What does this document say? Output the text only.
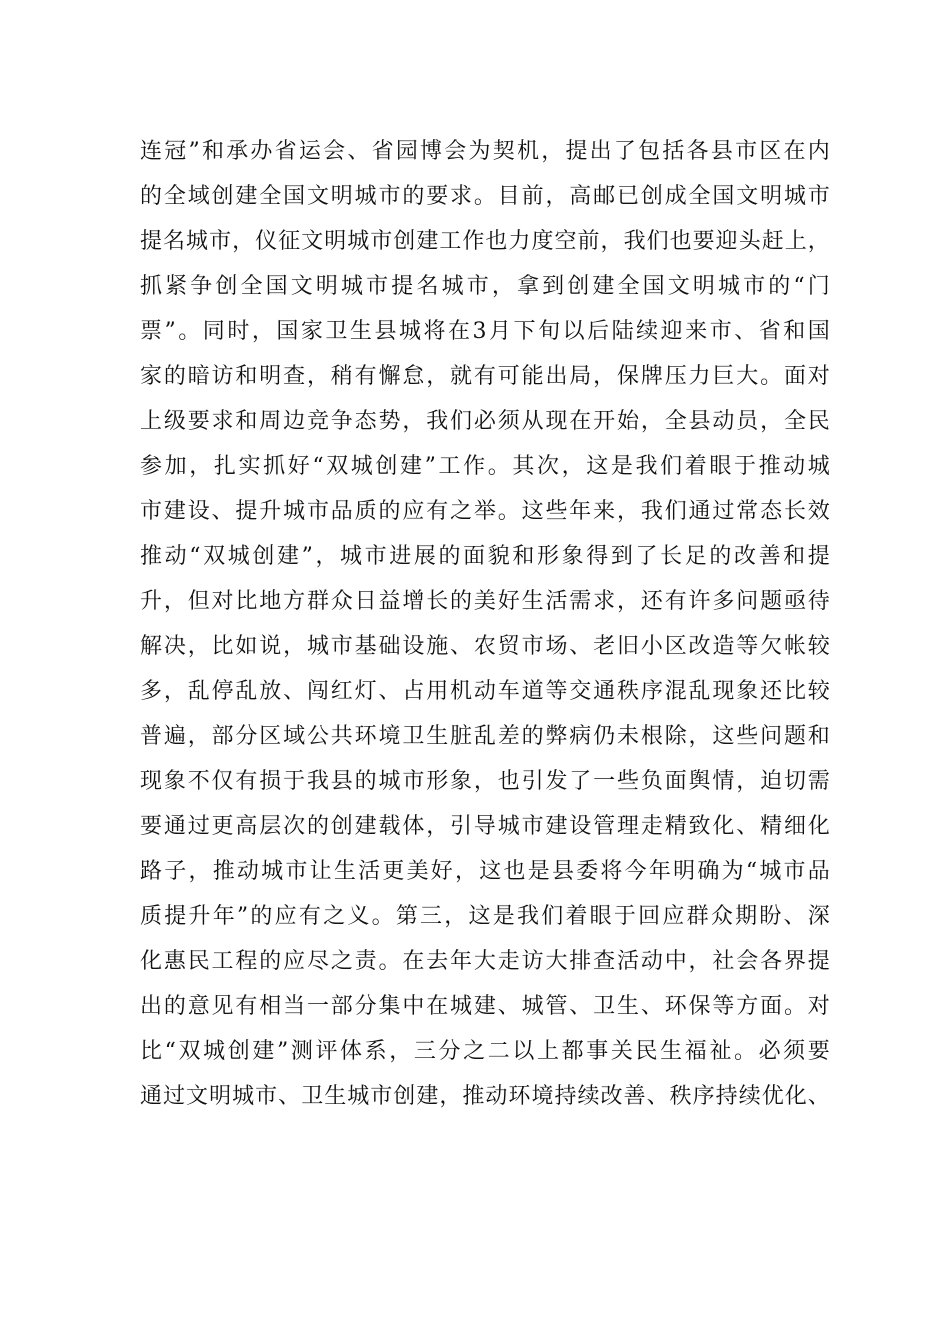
连冠”和承办省运会、省园博会为契机，提出了包括各县市区在内
的全域创建全国文明城市的要求。目前，高邮已创成全国文明城市
提名城市，仪征文明城市创建工作也力度空前，我们也要迎头赶上，
抓紧争创全国文明城市提名城市，拿到创建全国文明城市的“门
票”。同时，国家卫生县城将在3月下旬以后陆续迎来市、省和国
家的暗访和明查，稍有懈怠，就有可能出局，保牌压力巨大。面对
上级要求和周边竞争态势，我们必须从现在开始，全县动员，全民
参加，扎实抓好“双城创建”工作。其次，这是我们着眼于推动城
市建设、提升城市品质的应有之举。这些年来，我们通过常态长效
推动“双城创建”，城市进展的面貌和形象得到了长足的改善和提
升，但对比地方群众日益增长的美好生活需求，还有许多问题亟待
解决，比如说，城市基础设施、农贸市场、老旧小区改造等欠帐较
多，乱停乱放、闯红灯、占用机动车道等交通秩序混乱现象还比较
普遍，部分区域公共环境卫生脏乱差的弊病仍未根除，这些问题和
现象不仅有损于我县的城市形象，也引发了一些负面舆情，迫切需
要通过更高层次的创建载体，引导城市建设管理走精致化、精细化
路子，推动城市让生活更美好，这也是县委将今年明确为“城市品
质提升年”的应有之义。第三，这是我们着眼于回应群众期盼、深
化惠民工程的应尽之责。在去年大走访大排查活动中，社会各界提
出的意见有相当一部分集中在城建、城管、卫生、环保等方面。对
比“双城创建”测评体系，三分之二以上都事关民生福祉。必须要
通过文明城市、卫生城市创建，推动环境持续改善、秩序持续优化、
